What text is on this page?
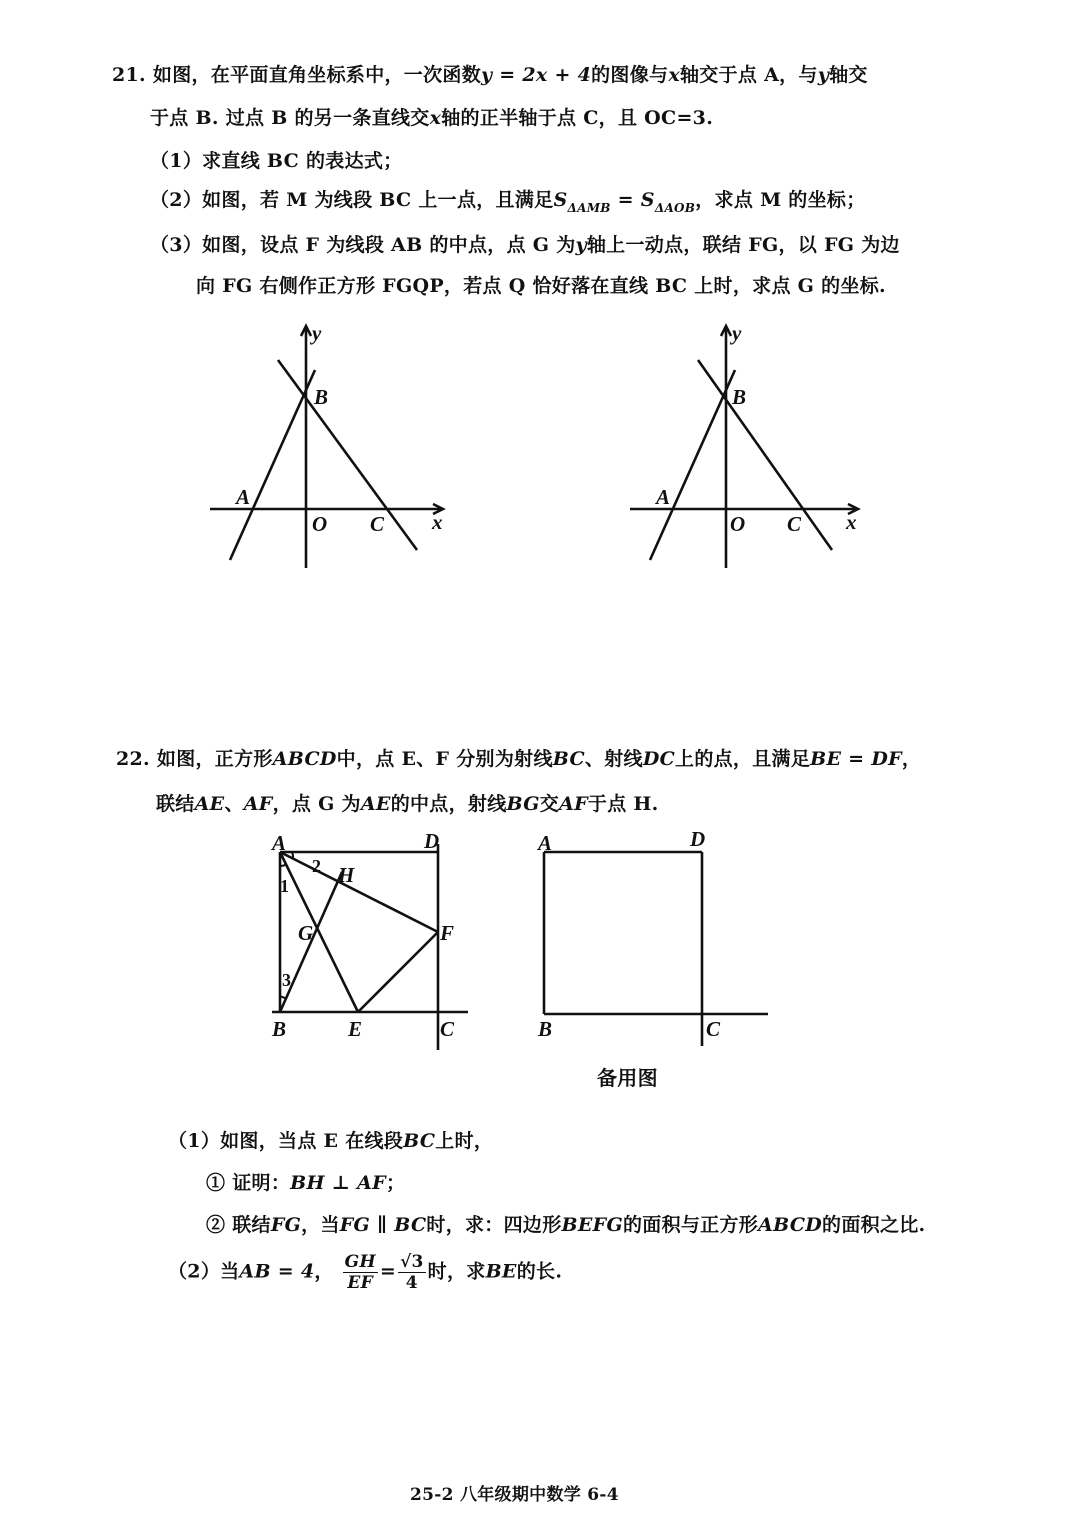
21. 如图，在平面直角坐标系中，一次函数y = 2x + 4的图像与x轴交于点 A，与y轴交
于点 B. 过点 B 的另一条直线交x轴的正半轴于点 C，且 OC=3.
（1）求直线 BC 的表达式；
（2）如图，若 M 为线段 BC 上一点，且满足$S_{\Delta AMB} = S_{\Delta AOB}$，求点 M 的坐标；
（3）如图，设点 F 为线段 AB 的中点，点 G 为y轴上一动点，联结 FG，以 FG 为边
向 FG 右侧作正方形 FGQP，若点 Q 恰好落在直线 BC 上时，求点 G 的坐标.
y
B
A
O C x
y
B
A
O C x
22. 如图，正方形ABCD中，点 E、F 分别为射线BC、射线DC上的点，且满足BE = DF，
联结AE、AF，点 G 为AE的中点，射线BG交AF于点 H.
A	D
B	E	C
F
G
H
1
2
3
A	D
B	C
备用图
（1）如图，当点 E 在线段BC上时，
① 证明：BH ⊥ AF；
② 联结FG，当FG ∥ BC时，求：四边形BEFG的面积与正方形ABCD的面积之比.
（2）当AB = 4， $\frac{GH}{EF} = \frac{√3}{4}$ 时，求BE的长.
25-2 八年级期中数学 6-4
